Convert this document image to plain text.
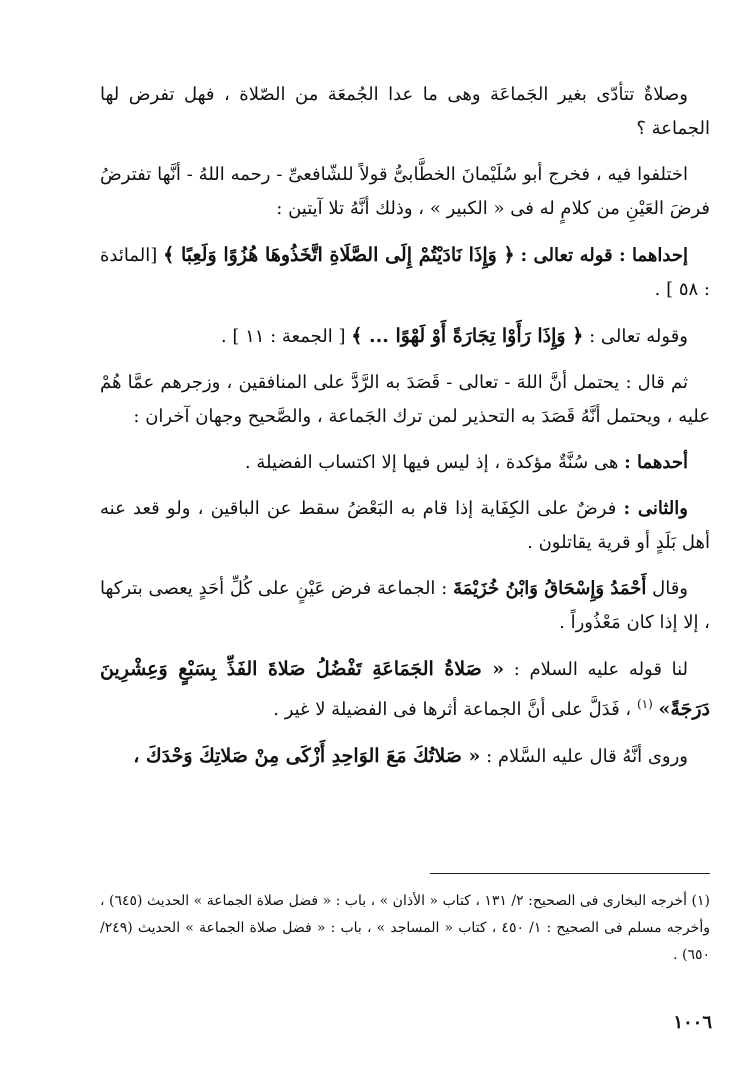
وصلاةٌ تتأدّى بغير الجَماعَة وهى ما عدا الجُمعَة من الصّلاة ، فهل تفرض لها الجماعة ؟

اختلفوا فيه ، فخرج أبو سُلَيْمانَ الخطَّابىُّ قولاً للشّافعىِّ - رحمه اللهُ - أنَّها تفترضُ فرضَ العَيْنِ من كلامٍ له فى « الكبير » ، وذلك أنَّهُ تلا آيتين :

إحداهما : قوله تعالى : ﴿ وَإِذَا نَادَيْتُمْ إِلَى الصَّلَاةِ اتَّخَذُوهَا هُزُوًا وَلَعِبًا ﴾ [المائدة : ٥٨ ] .

وقوله تعالى : ﴿ وَإِذَا رَأَوْا تِجَارَةً أَوْ لَهْوًا ... ﴾ [ الجمعة : ١١ ] .

ثم قال : يحتمل أنَّ اللهَ - تعالى - قَصَدَ به الرَّدَّ على المنافقين ، وزجرهم عمَّا هُمْ عليه ، ويحتمل أنَّهُ قَصَدَ به التحذير لمن ترك الجَماعة ، والصَّحيح وجهان آخران :

أحدهما : هى سُنَّةٌ مؤكدة ، إذ ليس فيها إلا اكتساب الفضيلة .

والثانى : فرضٌ على الكِفَاية إذا قام به البَعْضُ سقط عن الباقين ، ولو قعد عنه أهل بَلَدٍ أو قرية يقاتلون .

وقال أَحْمَدُ وَإِسْحَاقُ وَابْنُ خُزَيْمَةَ : الجماعة فرض عَيْنٍ على كُلِّ أحَدٍ يعصى بتركها ، إلا إذا كان مَعْذُوراً .

لنا قوله عليه السلام : « صَلاةُ الجَمَاعَةِ تَفْضُلُ صَلاةَ الفَذِّ بِسَبْعٍ وَعِشْرِينَ دَرَجَةً» $^{(١)}$ ، فَدَلَّ على أنَّ الجماعة أثرها فى الفضيلة لا غير .

وروى أنَّهُ قال عليه السَّلام : « صَلاتُكَ مَعَ الوَاحِدِ أَزْكَى مِنْ صَلاتِكَ وَحْدَكَ ،

(١) أخرجه البخارى فى الصحيح: ٢/ ١٣١ ، كتاب « الأذان » ، باب : « فضل صلاة الجماعة » الحديث (٦٤٥) ، وأخرجه مسلم فى الصحيح : ١/ ٤٥٠ ، كتاب « المساجد » ، باب : « فضل صلاة الجماعة » الحديث (٢٤٩/ ٦٥٠) .

١٠٠٦
